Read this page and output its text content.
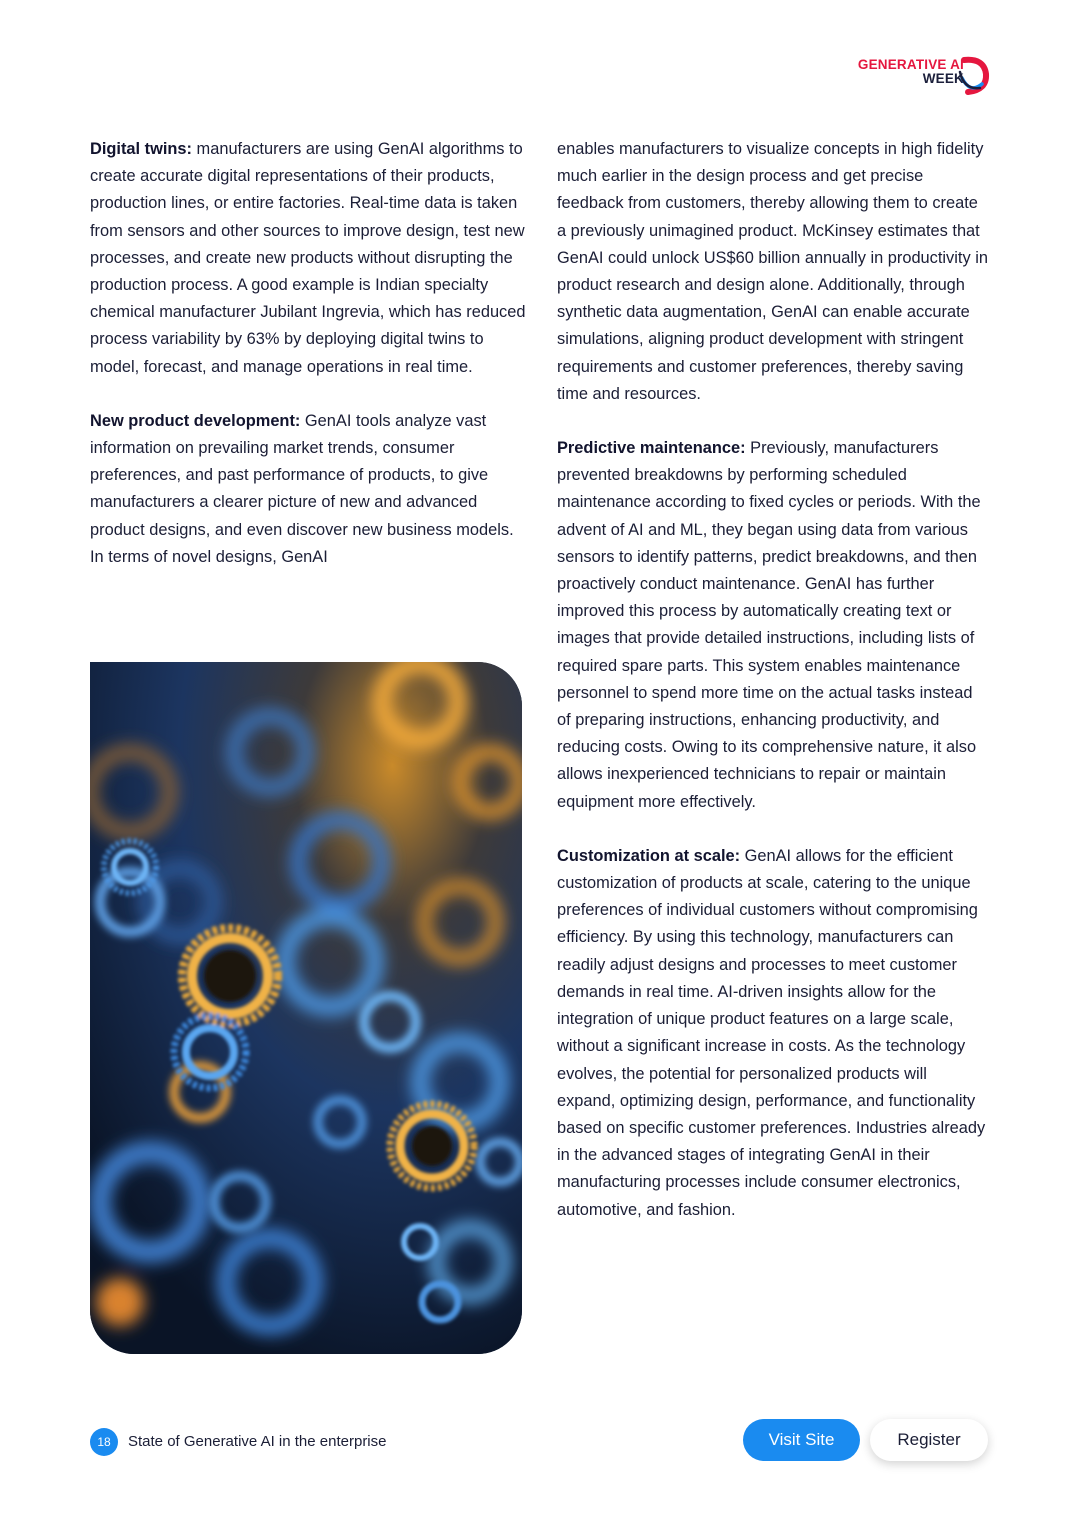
GENERATIVE AI
WEEK

Digital twins: manufacturers are using GenAI algorithms to create accurate digital representations of their products, production lines, or entire factories. Real-time data is taken from sensors and other sources to improve design, test new processes, and create new products without disrupting the production process. A good example is Indian specialty chemical manufacturer Jubilant Ingrevia, which has reduced process variability by 63% by deploying digital twins to model, forecast, and manage operations in real time.

New product development: GenAI tools analyze vast information on prevailing market trends, consumer preferences, and past performance of products, to give manufacturers a clearer picture of new and advanced product designs, and even discover new business models. In terms of novel designs, GenAI

enables manufacturers to visualize concepts in high fidelity much earlier in the design process and get precise feedback from customers, thereby allowing them to create a previously unimagined product. McKinsey estimates that GenAI could unlock US$60 billion annually in productivity in product research and design alone. Additionally, through synthetic data augmentation, GenAI can enable accurate simulations, aligning product development with stringent requirements and customer preferences, thereby saving time and resources.

Predictive maintenance: Previously, manufacturers prevented breakdowns by performing scheduled maintenance according to fixed cycles or periods. With the advent of AI and ML, they began using data from various sensors to identify patterns, predict breakdowns, and then proactively conduct maintenance. GenAI has further improved this process by automatically creating text or images that provide detailed instructions, including lists of required spare parts. This system enables maintenance personnel to spend more time on the actual tasks instead of preparing instructions, enhancing productivity, and reducing costs. Owing to its comprehensive nature, it also allows inexperienced technicians to repair or maintain equipment more effectively.

Customization at scale: GenAI allows for the efficient customization of products at scale, catering to the unique preferences of individual customers without compromising efficiency. By using this technology, manufacturers can readily adjust designs and processes to meet customer demands in real time. AI-driven insights allow for the integration of unique product features on a large scale, without a significant increase in costs. As the technology evolves, the potential for personalized products will expand, optimizing design, performance, and functionality based on specific customer preferences. Industries already in the advanced stages of integrating GenAI in their manufacturing processes include consumer electronics, automotive, and fashion.

18	State of Generative AI in the enterprise	Visit Site	Register
